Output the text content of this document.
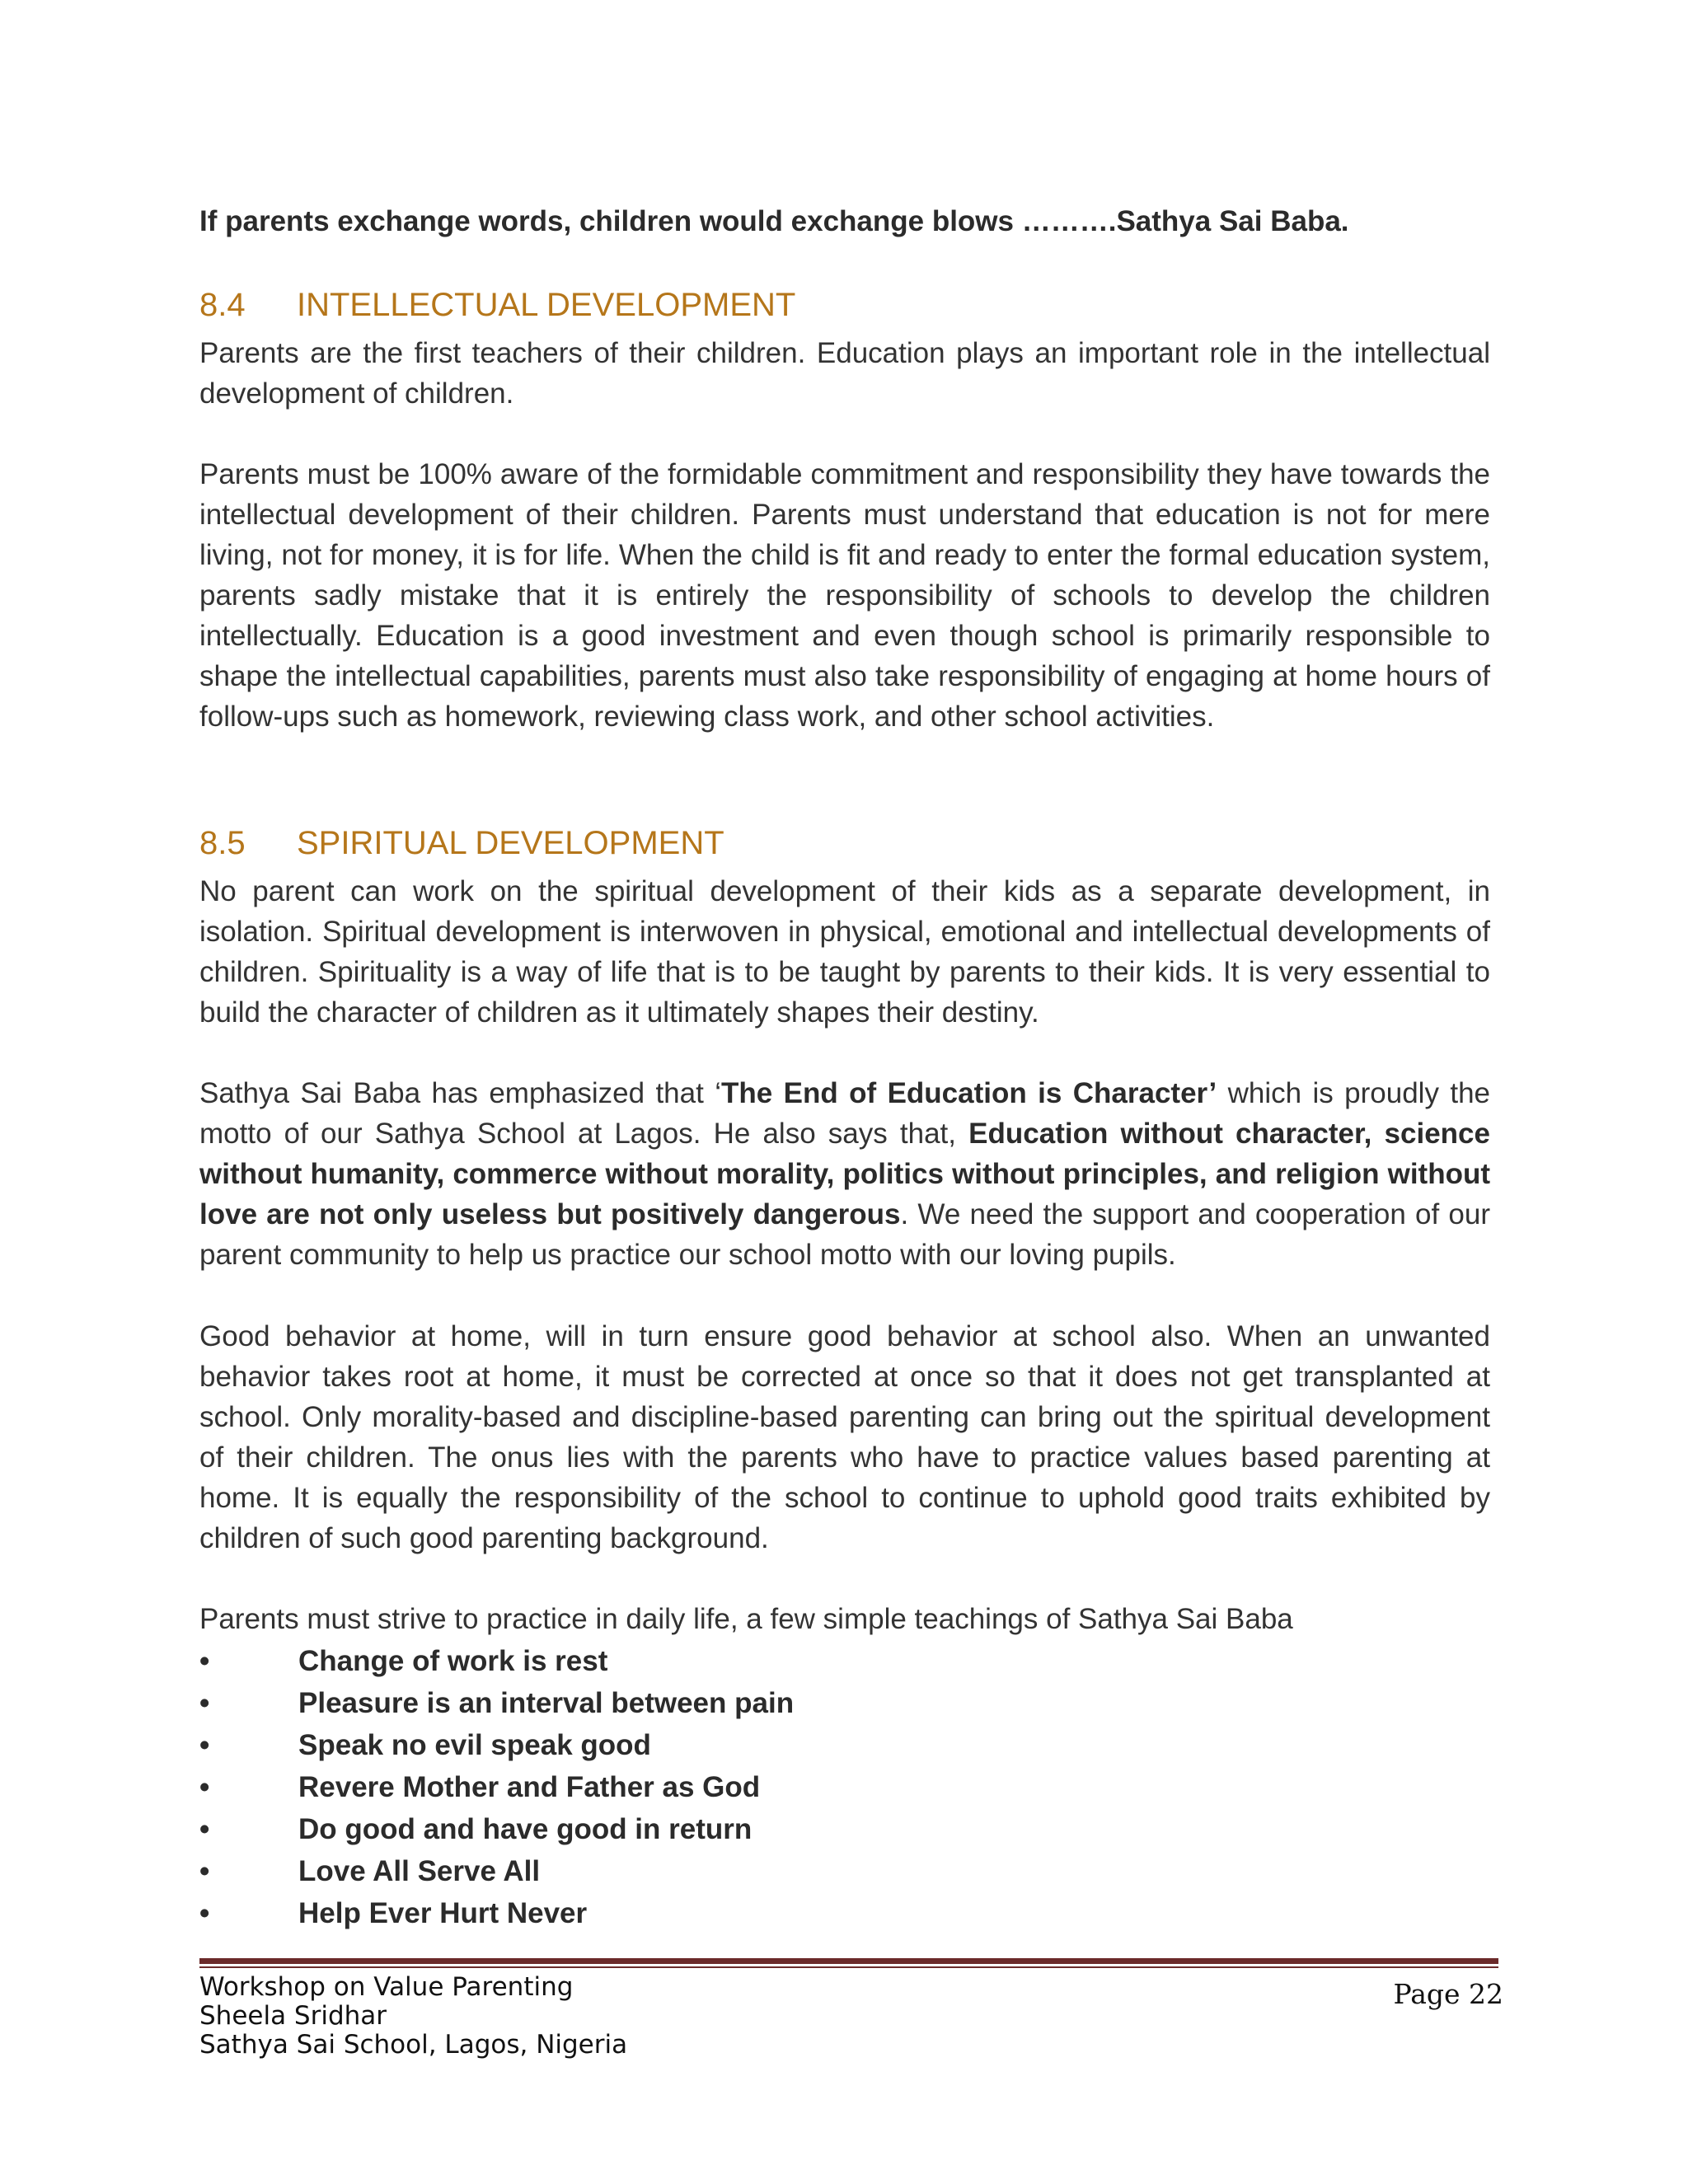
If parents exchange words, children would exchange blows ……….Sathya Sai Baba.
8.4 INTELLECTUAL DEVELOPMENT
Parents are the first teachers of their children. Education plays an important role in the intellectual development of children.
Parents must be 100% aware of the formidable commitment and responsibility they have towards the intellectual development of their children. Parents must understand that education is not for mere living, not for money, it is for life. When the child is fit and ready to enter the formal education system, parents sadly mistake that it is entirely the responsibility of schools to develop the children intellectually. Education is a good investment and even though school is primarily responsible to shape the intellectual capabilities, parents must also take responsibility of engaging at home hours of follow-ups such as homework, reviewing class work, and other school activities.
8.5 SPIRITUAL DEVELOPMENT
No parent can work on the spiritual development of their kids as a separate development, in isolation. Spiritual development is interwoven in physical, emotional and intellectual developments of children. Spirituality is a way of life that is to be taught by parents to their kids. It is very essential to build the character of children as it ultimately shapes their destiny.
Sathya Sai Baba has emphasized that ‘The End of Education is Character’ which is proudly the motto of our Sathya School at Lagos. He also says that, Education without character, science without humanity, commerce without morality, politics without principles, and religion without love are not only useless but positively dangerous. We need the support and cooperation of our parent community to help us practice our school motto with our loving pupils.
Good behavior at home, will in turn ensure good behavior at school also. When an unwanted behavior takes root at home, it must be corrected at once so that it does not get transplanted at school. Only morality-based and discipline-based parenting can bring out the spiritual development of their children. The onus lies with the parents who have to practice values based parenting at home. It is equally the responsibility of the school to continue to uphold good traits exhibited by children of such good parenting background.
Parents must strive to practice in daily life, a few simple teachings of Sathya Sai Baba
•	Change of work is rest
•	Pleasure is an interval between pain
•	Speak no evil speak good
•	Revere Mother and Father as God
•	Do good and have good in return
•	Love All Serve All
•	Help Ever Hurt Never
Workshop on Value Parenting
Sheela Sridhar
Sathya Sai School, Lagos, Nigeria
Page 22
